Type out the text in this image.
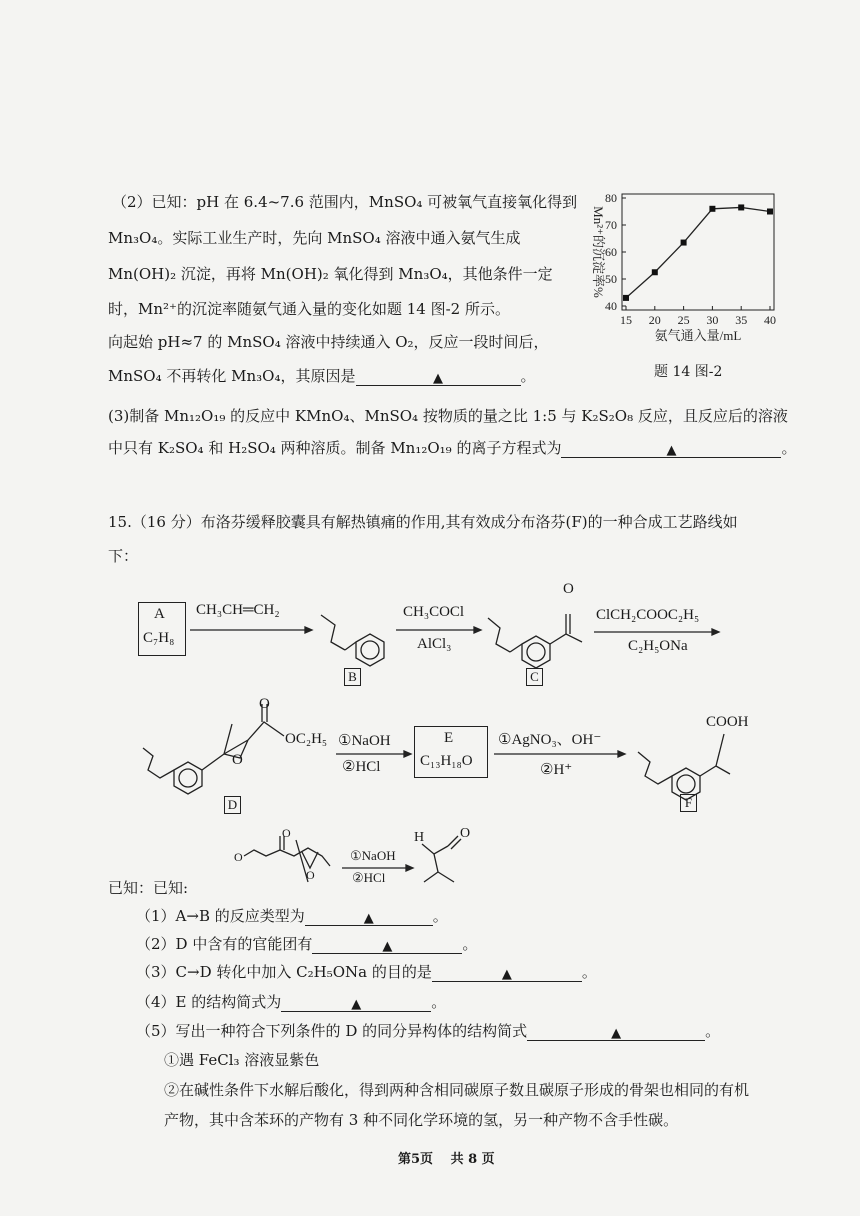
（2）已知：pH 在 6.4~7.6 范围内，MnSO₄ 可被氧气直接氧化得到
Mn₃O₄。实际工业生产时，先向 MnSO₄ 溶液中通入氨气生成
Mn(OH)₂ 沉淀，再将 Mn(OH)₂ 氧化得到 Mn₃O₄，其他条件一定
时，Mn²⁺的沉淀率随氨气通入量的变化如题 14 图-2 所示。
向起始 pH≈7 的 MnSO₄ 溶液中持续通入 O₂，反应一段时间后，
MnSO₄ 不再转化 Mn₃O₄，其原因是	▲	。
40
50
60
70
80
15 20 25 30 35 40
氨气通入量/mL
Mn²⁺的沉淀率%
题 14 图-2
(3)制备 Mn₁₂O₁₉ 的反应中 KMnO₄、MnSO₄ 按物质的量之比 1:5 与 K₂S₂O₈ 反应，且反应后的溶液
中只有 K₂SO₄ 和 H₂SO₄ 两种溶质。制备 Mn₁₂O₁₉ 的离子方程式为	▲	。
15.（16 分）布洛芬缓释胶囊具有解热镇痛的作用,其有效成分布洛芬(F)的一种合成工艺路线如
下：
A
C₇H₈
CH₃CH═CH₂
B
CH₃COCl
AlCl₃
C
ClCH₂COOC₂H₅
C₂H₅ONa
O
OC₂H₅
O
O
①NaOH
②HCl
D
E
C₁₃H₁₈O
①AgNO₃、OH⁻
②H⁺
COOH
F
已知：已知:
O
O
O
①NaOH
②HCl
H	O
（1）A→B 的反应类型为	▲	。
（2）D 中含有的官能团有	▲	。
（3）C→D 转化中加入 C₂H₅ONa 的目的是	▲	。
（4）E 的结构简式为	▲	。
（5）写出一种符合下列条件的 D 的同分异构体的结构简式	▲	。
①遇 FeCl₃ 溶液显紫色
②在碱性条件下水解后酸化，得到两种含相同碳原子数且碳原子形成的骨架也相同的有机
产物，其中含苯环的产物有 3 种不同化学环境的氢，另一种产物不含手性碳。
第5页　 共 8 页
